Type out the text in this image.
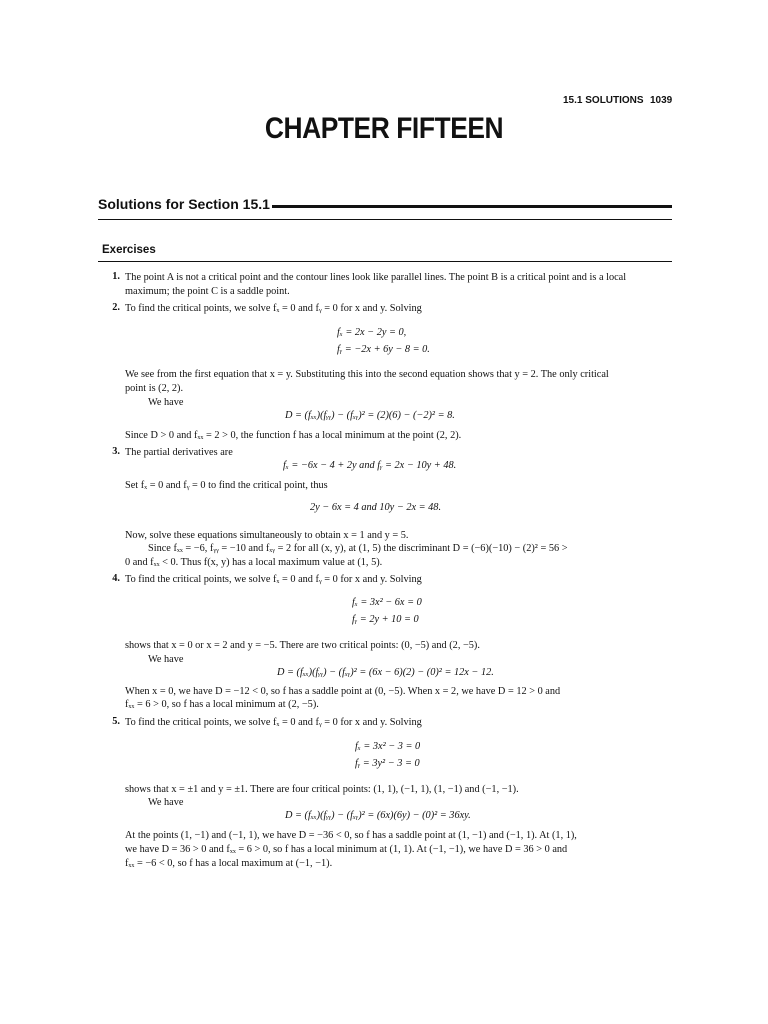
15.1 SOLUTIONS 1039
CHAPTER FIFTEEN
Solutions for Section 15.1
Exercises
1. The point A is not a critical point and the contour lines look like parallel lines. The point B is a critical point and is a local
maximum; the point C is a saddle point.
2. To find the critical points, we solve fₓ = 0 and fᵧ = 0 for x and y. Solving
fₓ = 2x − 2y = 0,
fᵧ = −2x + 6y − 8 = 0.
We see from the first equation that x = y. Substituting this into the second equation shows that y = 2. The only critical
point is (2, 2).
We have
D = (fₓₓ)(fᵧᵧ) − (fₓᵧ)² = (2)(6) − (−2)² = 8.
Since D > 0 and fₓₓ = 2 > 0, the function f has a local minimum at the point (2, 2).
3. The partial derivatives are
fₓ = −6x − 4 + 2y and fᵧ = 2x − 10y + 48.
Set fₓ = 0 and fᵧ = 0 to find the critical point, thus
2y − 6x = 4 and 10y − 2x = 48.
Now, solve these equations simultaneously to obtain x = 1 and y = 5.
Since fₓₓ = −6, fᵧᵧ = −10 and fₓᵧ = 2 for all (x, y), at (1, 5) the discriminant D = (−6)(−10) − (2)² = 56 >
0 and fₓₓ < 0. Thus f(x, y) has a local maximum value at (1, 5).
4. To find the critical points, we solve fₓ = 0 and fᵧ = 0 for x and y. Solving
fₓ = 3x² − 6x = 0
fᵧ = 2y + 10 = 0
shows that x = 0 or x = 2 and y = −5. There are two critical points: (0, −5) and (2, −5).
We have
D = (fₓₓ)(fᵧᵧ) − (fₓᵧ)² = (6x − 6)(2) − (0)² = 12x − 12.
When x = 0, we have D = −12 < 0, so f has a saddle point at (0, −5). When x = 2, we have D = 12 > 0 and
fₓₓ = 6 > 0, so f has a local minimum at (2, −5).
5. To find the critical points, we solve fₓ = 0 and fᵧ = 0 for x and y. Solving
fₓ = 3x² − 3 = 0
fᵧ = 3y² − 3 = 0
shows that x = ±1 and y = ±1. There are four critical points: (1, 1), (−1, 1), (1, −1) and (−1, −1).
We have
D = (fₓₓ)(fᵧᵧ) − (fₓᵧ)² = (6x)(6y) − (0)² = 36xy.
At the points (1, −1) and (−1, 1), we have D = −36 < 0, so f has a saddle point at (1, −1) and (−1, 1). At (1, 1),
we have D = 36 > 0 and fₓₓ = 6 > 0, so f has a local minimum at (1, 1). At (−1, −1), we have D = 36 > 0 and
fₓₓ = −6 < 0, so f has a local maximum at (−1, −1).
